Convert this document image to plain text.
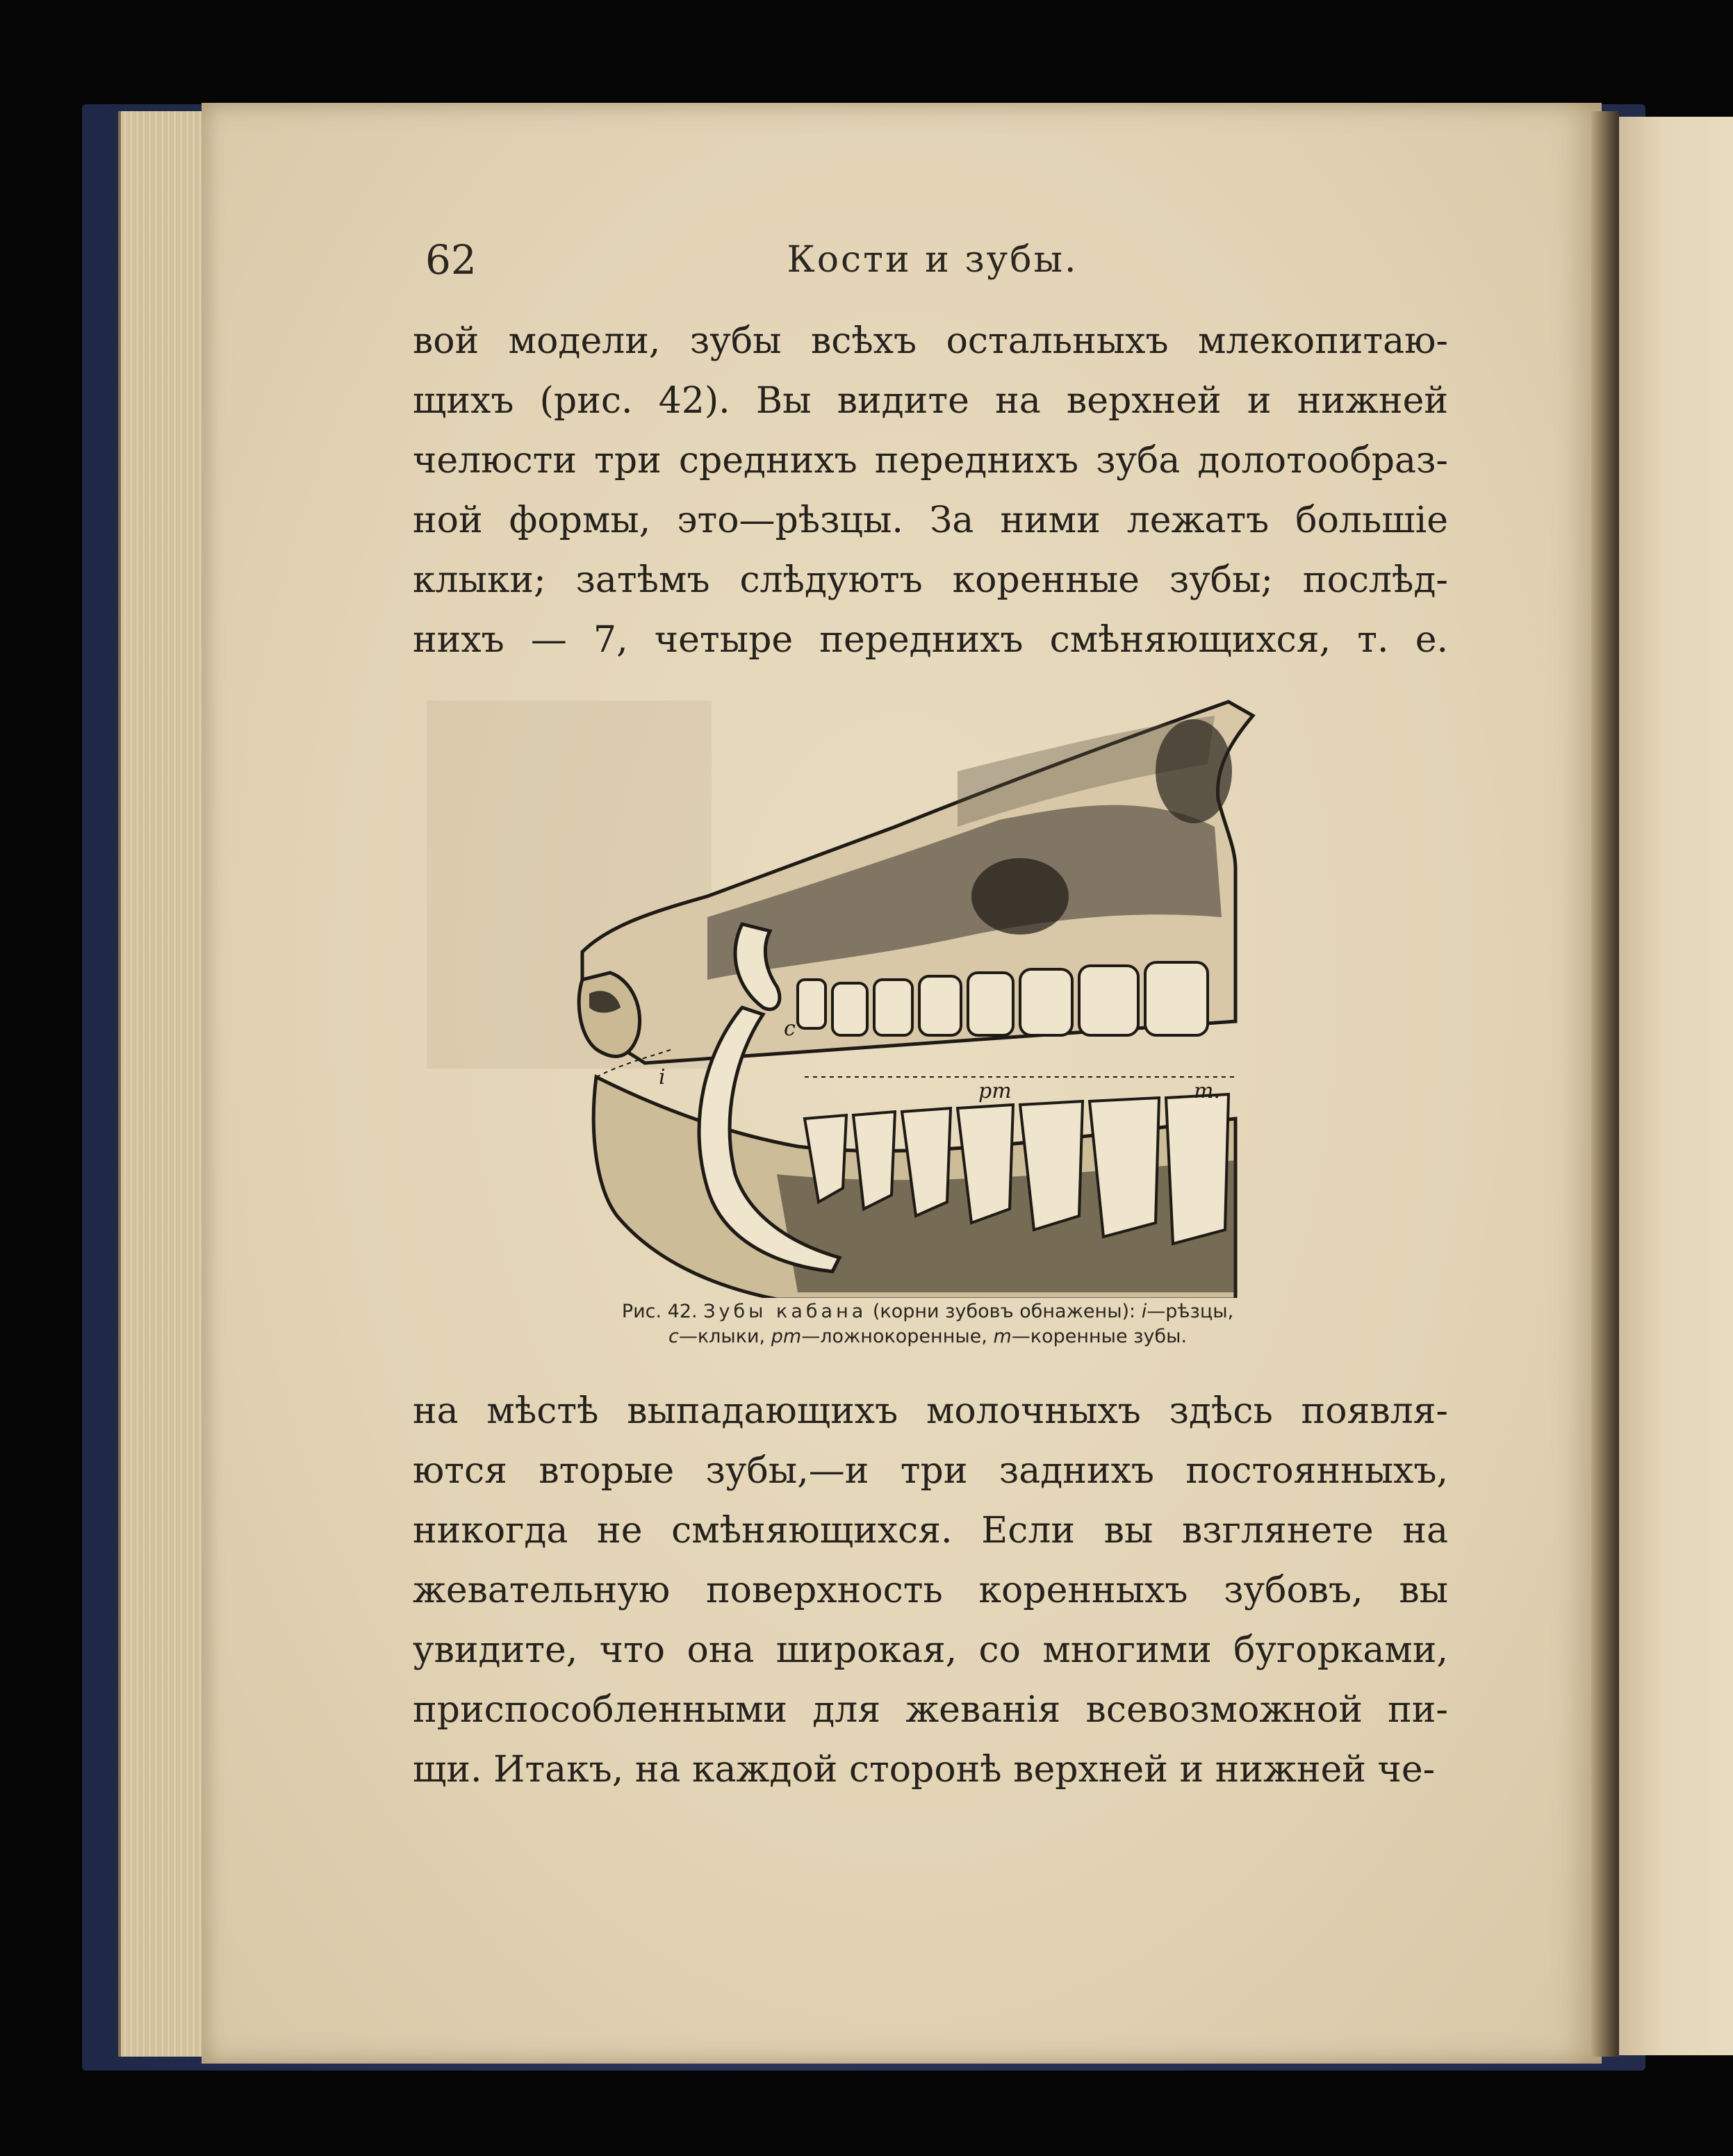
62	Кости и зубы.
вой модели, зубы всѣхъ остальныхъ млекопитаю-
щихъ (рис. 42). Вы видите на верхней и нижней
челюсти три среднихъ переднихъ зуба долотообраз-
ной формы, это—рѣзцы. За ними лежатъ большіе
клыки; затѣмъ слѣдуютъ коренные зубы; послѣд-
нихъ — 7, четыре переднихъ смѣняющихся, т. е.
i
c
pm	m.
Рис. 42. Зубы кабана (корни зубовъ обнажены): i—рѣзцы,
c—клыки, pm—ложнокоренные, m—коренные зубы.
на мѣстѣ выпадающихъ молочныхъ здѣсь появля-
ются вторые зубы,—и три заднихъ постоянныхъ,
никогда не смѣняющихся. Если вы взглянете на
жевательную поверхность коренныхъ зубовъ, вы
увидите, что она широкая, со многими бугорками,
приспособленными для жеванія всевозможной пи-
щи. Итакъ, на каждой сторонѣ верхней и нижней че-
